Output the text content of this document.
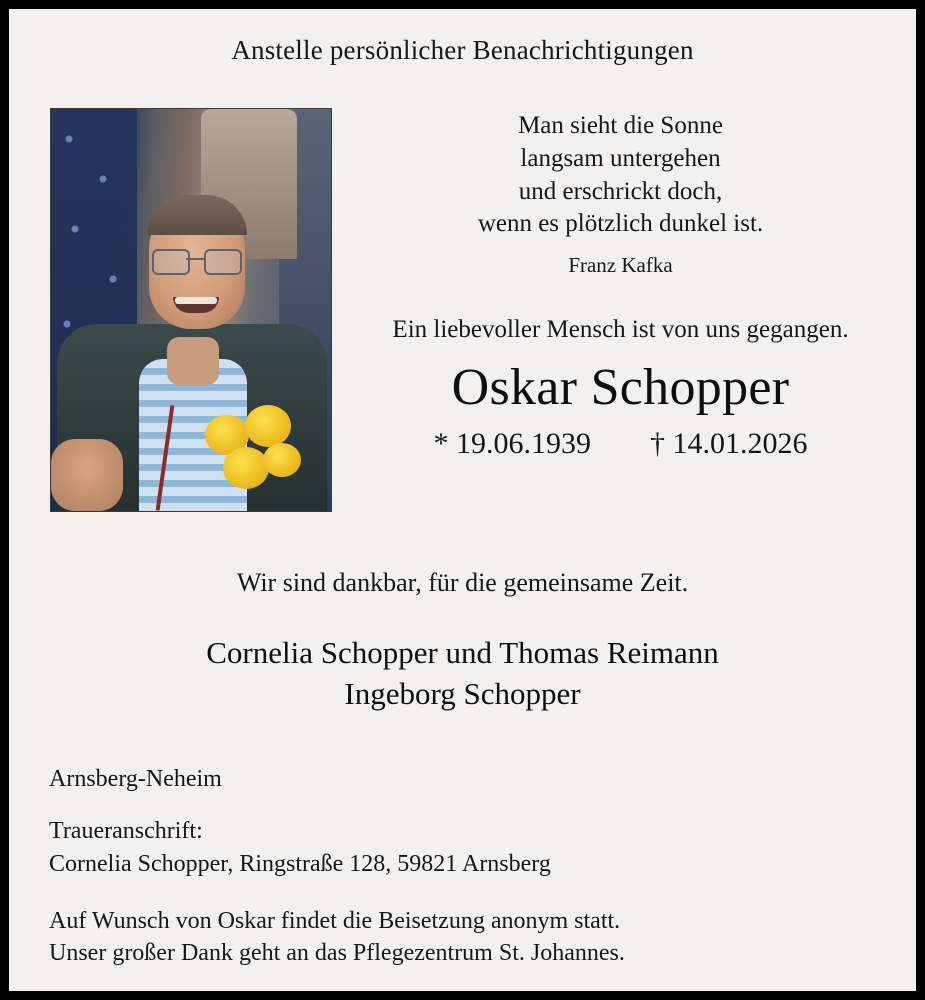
Anstelle persönlicher Benachrichtigungen
Man sieht die Sonne
langsam untergehen
und erschrickt doch,
wenn es plötzlich dunkel ist.
Franz Kafka
Ein liebevoller Mensch ist von uns gegangen.
Oskar Schopper
* 19.06.1939 † 14.01.2026
Wir sind dankbar, für die gemeinsame Zeit.
Cornelia Schopper und Thomas Reimann
Ingeborg Schopper
Arnsberg-Neheim
Traueranschrift:
Cornelia Schopper, Ringstraße 128, 59821 Arnsberg
Auf Wunsch von Oskar findet die Beisetzung anonym statt.
Unser großer Dank geht an das Pflegezentrum St. Johannes.
